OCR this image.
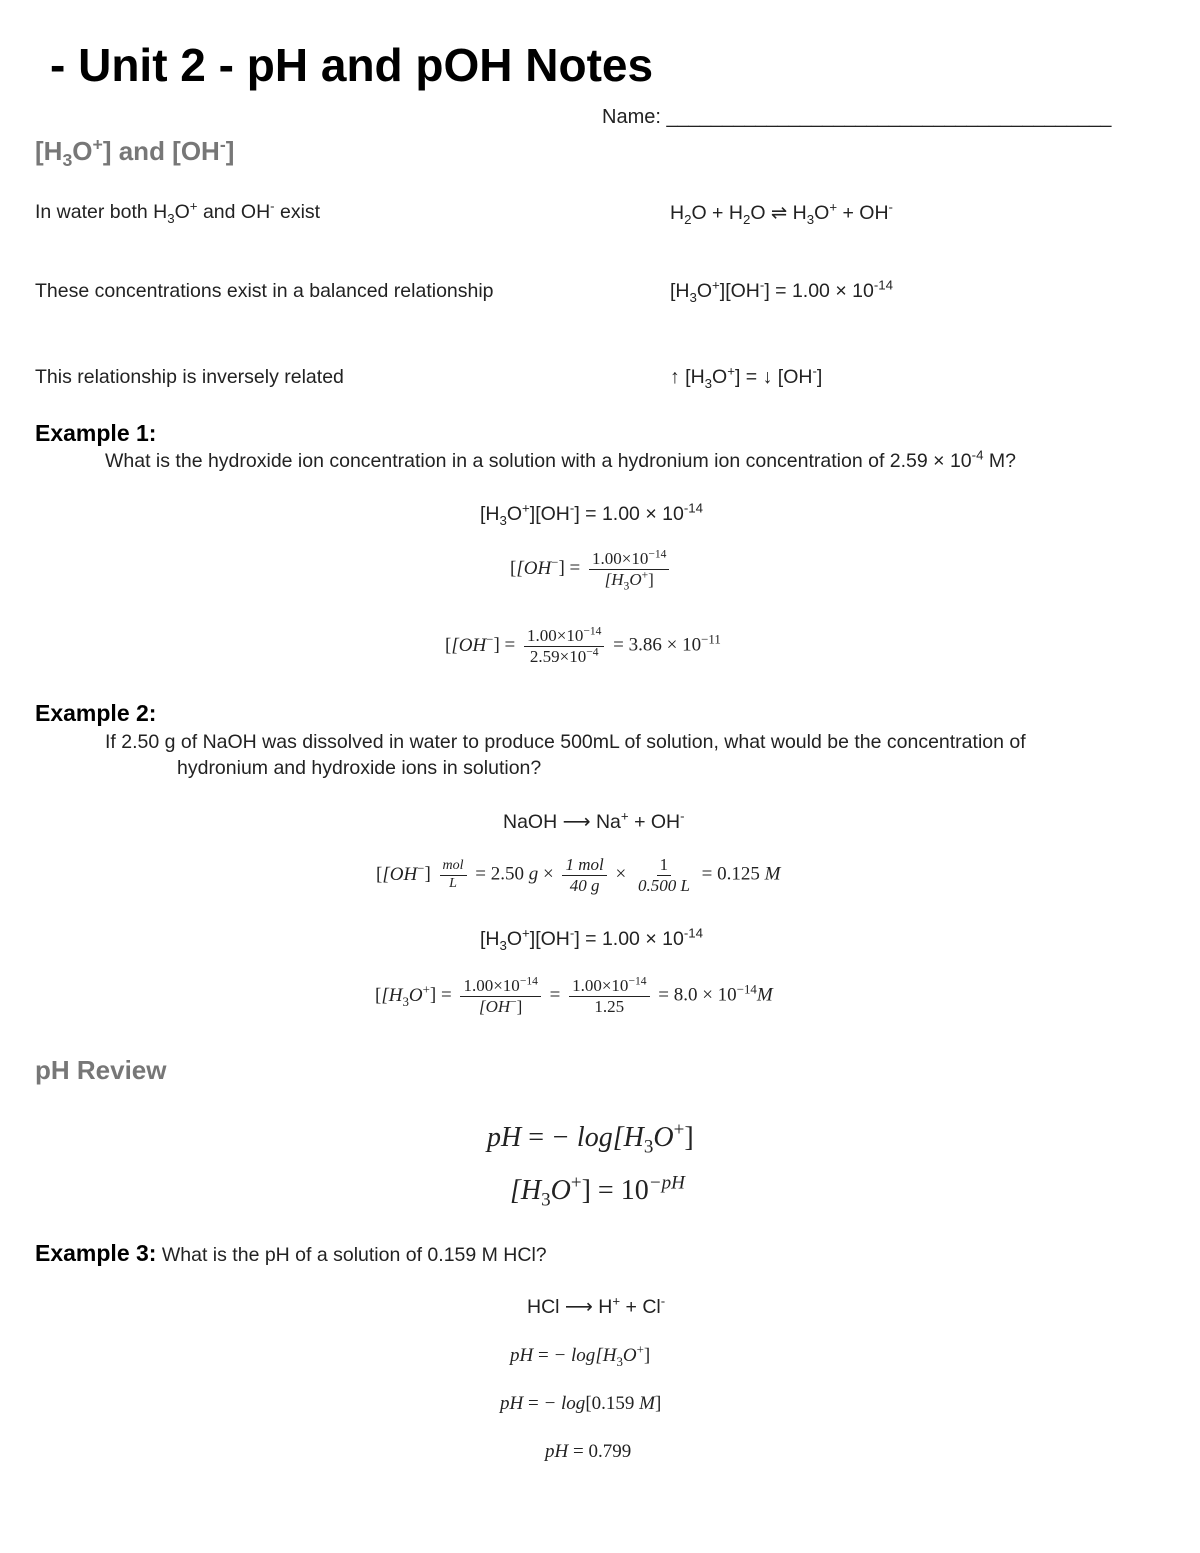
- Unit 2 - pH and pOH Notes
Name: ________________________________________
$[H_3O^+]$ and [OH-]
In water both $H_3O^+$ and OH- exist	$H_2O + H_2O$ ⇌ $H_3O^+ + OH^-$
These concentrations exist in a balanced relationship	$[H_3O^+][OH^-] = 1.00 \times 10^{-14}$
This relationship is inversely related	↑ $[H_3O^+]$ = ↓ [OH-]
Example 1:
What is the hydroxide ion concentration in a solution with a hydronium ion concentration of $2.59 \times 10^{-4}$ M?
$[H_3O^+][OH^-] = 1.00 \times 10^{-14}$
[$[OH^-] = \frac{1.00\times 10^{-14}}{[H_3O^+]}$
[$[OH^-] = \frac{1.00\times 10^{-14}}{2.59\times 10^{-4}} = 3.86 \times 10^{-11}$
Example 2:
If 2.50 g of NaOH was dissolved in water to produce 500mL of solution, what would be the concentration of
hydronium and hydroxide ions in solution?
NaOH ⟶ Na+ + OH-
[$[OH^-] \frac{\text{mol}}{L} = 2.50$ $g \times \frac{\text{1 mol}}{40 g} \times \frac{1}{0.500 L} = 0.125$ M
$[H_3O^+][OH^-] = 1.00 \times 10^{-14}$
[$[H_3O^+] = \frac{1.00\times 10^{-14}}{[OH^-]} = \frac{1.00\times 10^{-14}}{1.25} = 8.0 \times 10^{-14}M$
pH Review
pH = − $\log[H_3O^+]$
$[H_3O^+] = 10^{-pH}$
Example 3: What is the pH of a solution of 0.159 M HCl?
HCl ⟶ H+ + Cl-
pH = − $\log[H_3O^+]$
pH = − log[0.159 M]
pH = 0.799
